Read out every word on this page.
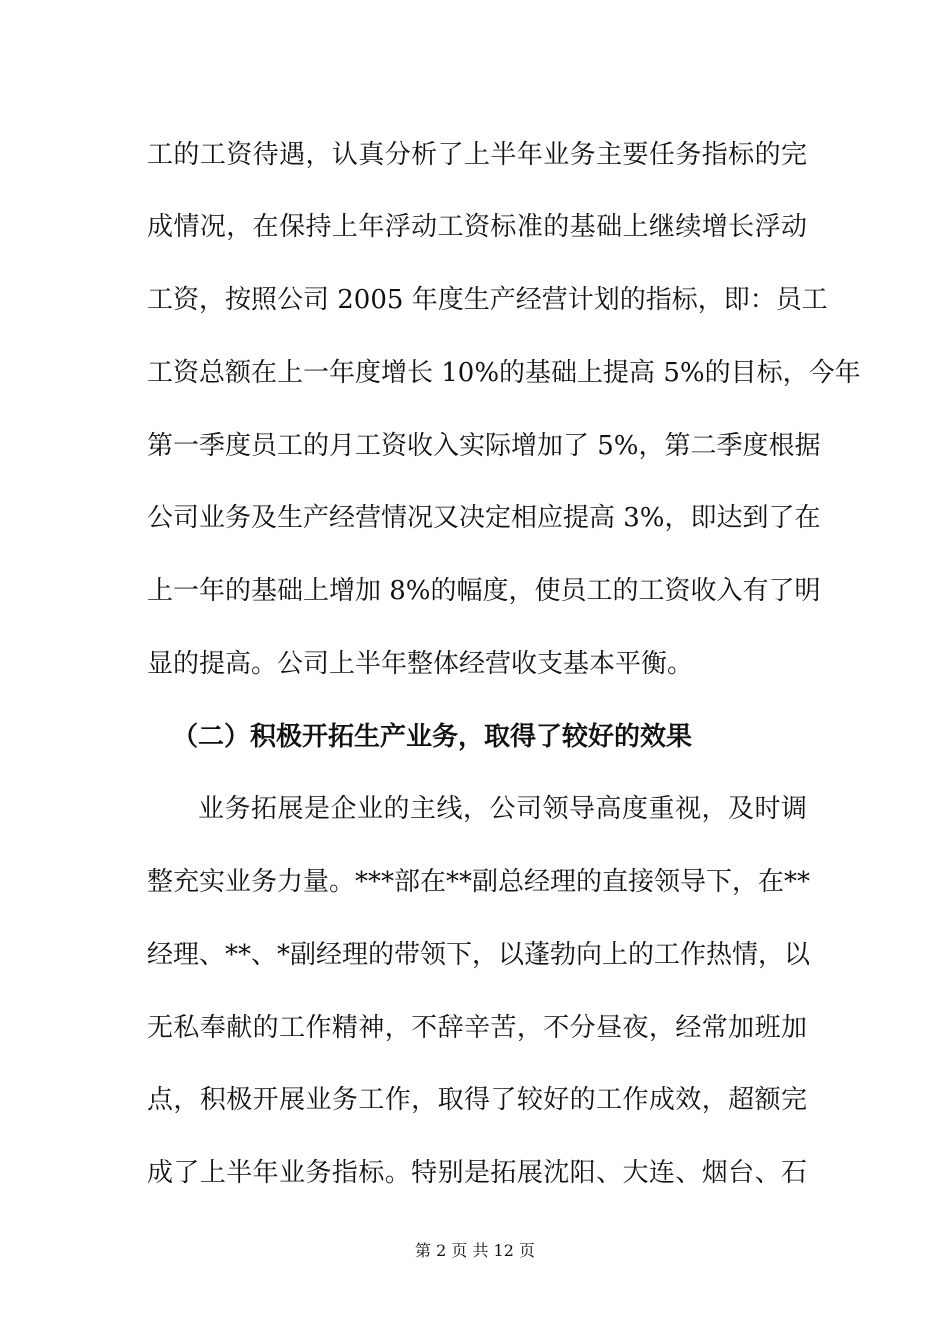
工的工资待遇，认真分析了上半年业务主要任务指标的完
成情况，在保持上年浮动工资标准的基础上继续增长浮动
工资，按照公司 2005 年度生产经营计划的指标，即：员工
工资总额在上一年度增长 10%的基础上提高 5%的目标，今年
第一季度员工的月工资收入实际增加了 5%，第二季度根据
公司业务及生产经营情况又决定相应提高 3%，即达到了在
上一年的基础上增加 8%的幅度，使员工的工资收入有了明
显的提高。公司上半年整体经营收支基本平衡。
（二）积极开拓生产业务，取得了较好的效果
业务拓展是企业的主线，公司领导高度重视，及时调
整充实业务力量。***部在**副总经理的直接领导下，在**
经理、**、*副经理的带领下，以蓬勃向上的工作热情，以
无私奉献的工作精神，不辞辛苦，不分昼夜，经常加班加
点，积极开展业务工作，取得了较好的工作成效，超额完
成了上半年业务指标。特别是拓展沈阳、大连、烟台、石
第 2 页 共 12 页
